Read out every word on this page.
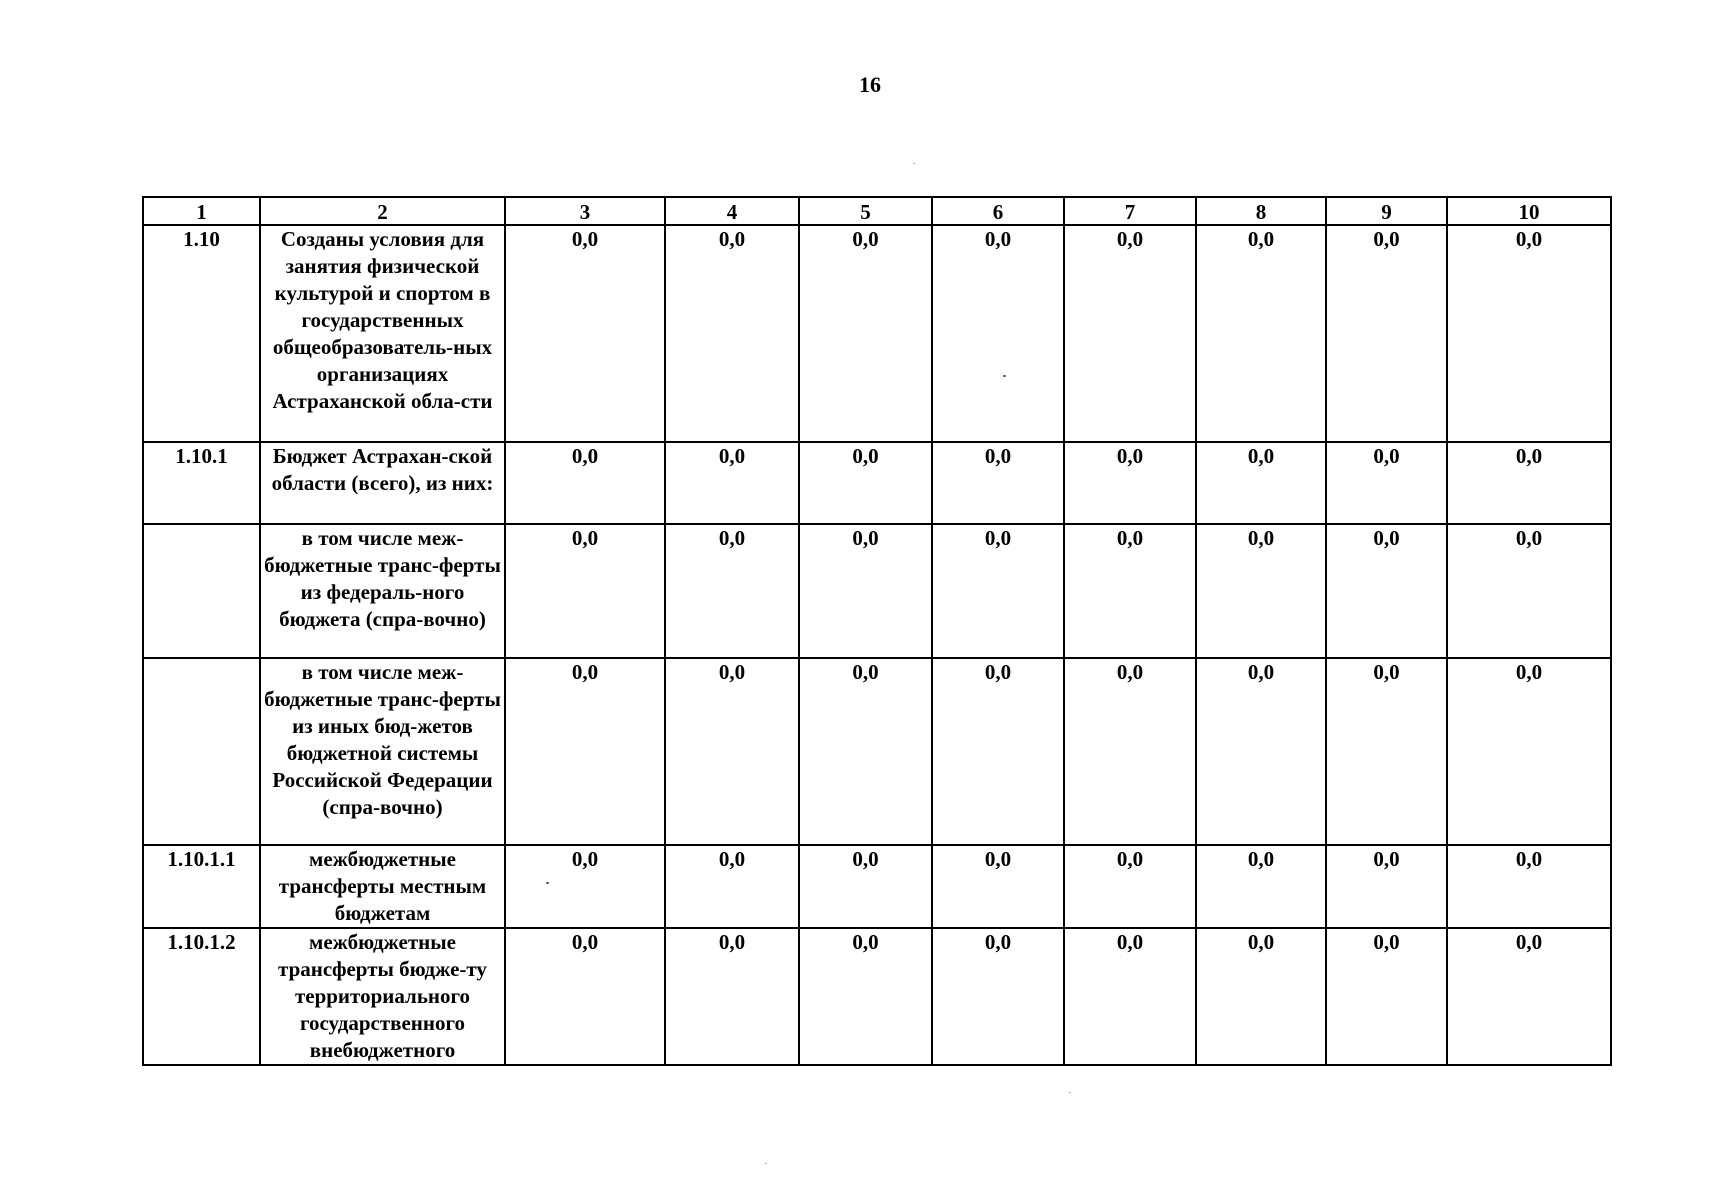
16
1	2	3	4	5	6	7	8	9	10
1.10	Созданы условия для занятия физической культурой и спортом в государственных общеобразователь-ных организациях Астраханской обла-сти	0,0	0,0	0,0	0,0	0,0	0,0	0,0	0,0
1.10.1	Бюджет Астрахан-ской области (всего), из них:	0,0	0,0	0,0	0,0	0,0	0,0	0,0	0,0
	в том числе меж-бюджетные транс-ферты из федераль-ного бюджета (спра-вочно)	0,0	0,0	0,0	0,0	0,0	0,0	0,0	0,0
	в том числе меж-бюджетные транс-ферты из иных бюд-жетов бюджетной системы Российской Федерации (спра-вочно)	0,0	0,0	0,0	0,0	0,0	0,0	0,0	0,0
1.10.1.1	межбюджетные трансферты местным бюджетам	0,0	0,0	0,0	0,0	0,0	0,0	0,0	0,0
1.10.1.2	межбюджетные трансферты бюдже-ту территориального государственного внебюджетного	0,0	0,0	0,0	0,0	0,0	0,0	0,0	0,0
